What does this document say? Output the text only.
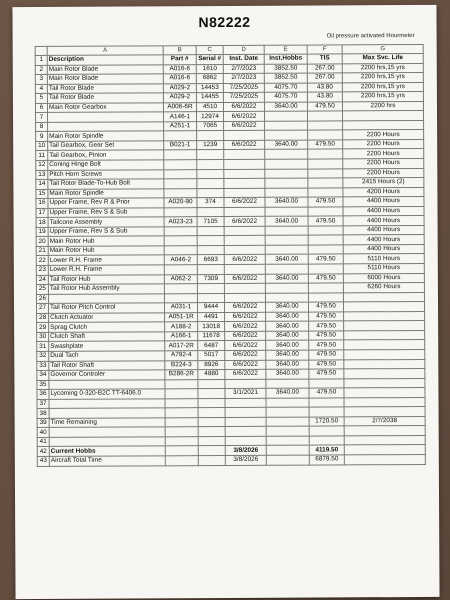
N82222
Oil pressure activated Hourmeter
	A	B	C	D	E	F	G
1	Description	Part #	Serial #	Inst. Date	Inst.Hobbs	TIS	Max Svc. Life
2	Main Rotor Blade	A016-6	1610	2/7/2023	3852.50	267.00	2200 hrs,15 yrs
3	Main Rotor Blade	A016-6	6862	2/7/2023	3852.50	267.00	2200 hrs,15 yrs
4	Tail Rotor Blade	A029-2	14453	7/25/2025	4075.70	43.80	2200 hrs,15 yrs
5	Tail Rotor Blade	A029-2	14455	7/25/2025	4075.70	43.80	2200 hrs,15 yrs
6	Main Rotor Gearbox	A006-6R	4510	6/6/2022	3640.00	479.50	2200 hrs
7		A146-1	12974	6/6/2022			
8		A251-1	7065	6/6/2022			
9	Main Rotor Spindle						2200 Hours
10	Tail Gearbox, Gear Set	B021-1	1239	6/6/2022	3640.00	479.50	2200 Hours
11	Tail Gearbox, Pinion						2200 Hours
12	Coning Hinge Bolt						2200 Hours
13	Pitch Horn Screws						2200 Hours
14	Tail Rotor Blade-To-Hub Bolt						2415 Hours (2)
15	Main Rotor Spindle						4200 Hours
16	Upper Frame, Rev R & Prior	A020-90	374	6/6/2022	3640.00	479.50	4400 Hours
17	Upper Frame, Rev S & Sub						4400 Hours
18	Tailcone Assembly	A023-23	7105	6/6/2022	3640.00	479.50	4400 Hours
19	Upper Frame, Rev S & Sub						4400 Hours
20	Main Rotor Hub						4400 Hours
21	Main Rotor Hub						4400 Hours
22	Lower R.H. Frame	A046-2	6693	6/6/2022	3640.00	479.50	5110 Hours
23	Lower R.H. Frame						5110 Hours
24	Tail Rotor Hub	A062-2	7309	6/6/2022	3640.00	479.50	6000 Hours
25	Tail Rotor Hub Assembly						6260 Hours
26							
27	Tail Rotor Pitch Control	A031-1	9444	6/6/2022	3640.00	479.50	
28	Clutch Actuator	A051-1R	4491	6/6/2022	3640.00	479.50	
29	Sprag Clutch	A188-2	13018	6/6/2022	3640.00	479.50	
30	Clutch Shaft	A166-1	11678	6/6/2022	3640.00	479.50	
31	Swashplate	A017-2R	6487	6/6/2022	3640.00	479.50	
32	Dual Tach	A792-4	5017	6/6/2022	3640.00	479.50	
33	Tail Rotor Shaft	B224-3	8926	6/6/2022	3640.00	479.50	
34	Governor Controler	B286-2R	4880	6/6/2022	3640.00	479.50	
35							
36	Lycoming 0-320-B2C TT-6406.0			3/1/2021	3640.00	479.50	
37							
38							
39	Time Remaining					1720.50	2/7/2038
40							
41							
42	Current Hobbs			3/8/2026		4119.50	
43	Aircraft Total Time			3/8/2026		6879.50	
